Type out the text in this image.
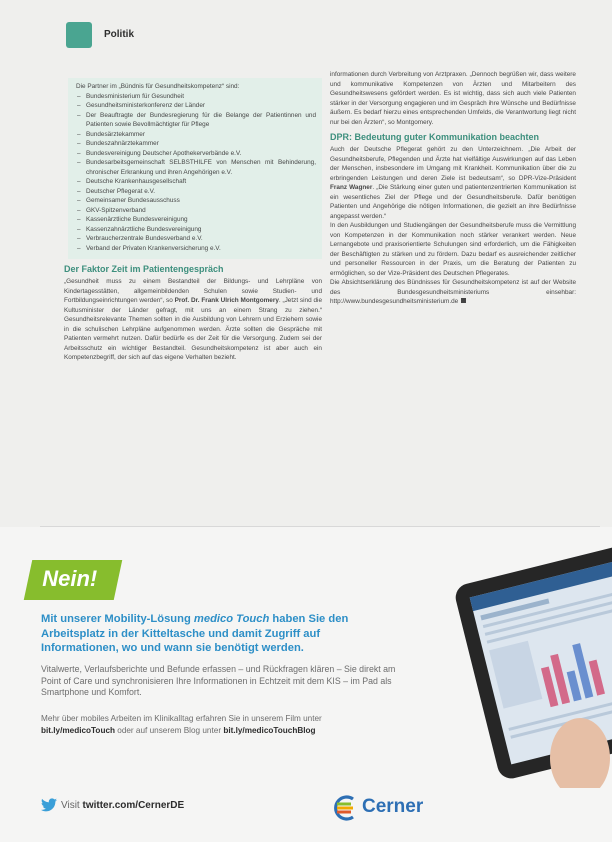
Politik

Die Partner im „Bündnis für Gesundheitskompetenz“ sind:

– Bundesministerium für Gesundheit
– Gesundheitsministerkonferenz der Länder
– Der Beauftragte der Bundesregierung für die Belange der Patientinnen und Patienten sowie Bevollmächtigter für Pflege
– Bundesärztekammer
– Bundeszahnärztekammer
– Bundesvereinigung Deutscher Apothekerverbände e.V.
– Bundesarbeitsgemeinschaft SELBSTHILFE von Menschen mit Behinderung, chronischer Erkrankung und ihren Angehörigen e.V.
– Deutsche Krankenhausgesellschaft
– Deutscher Pflegerat e.V.
– Gemeinsamer Bundesausschuss
– GKV-Spitzenverband
– Kassenärztliche Bundesvereinigung
– Kassenzahnärztliche Bundesvereinigung
– Verbraucherzentrale Bundesverband e.V.
– Verband der Privaten Krankenversicherung e.V.
Der Faktor Zeit im Patientengespräch

„Gesundheit muss zu einem Bestandteil der Bildungs- und Lehrpläne von Kindertagesstätten, allgemeinbildenden Schulen sowie Studien- und Fortbildungseinrichtungen werden“, so Prof. Dr. Frank Ulrich Montgomery. „Jetzt sind die Kultusminister der Länder gefragt, mit uns an einem Strang zu ziehen.“ Gesundheitsrelevante Themen sollten in die Ausbildung von Lehrern und Erziehern sowie in die schulischen Lehrpläne aufgenommen werden. Ärzte sollten die Gespräche mit Patienten vermehrt nutzen. Dafür bedürfe es der Zeit für die Versorgung. Zudem sei der Arbeitsschutz ein wichtiger Bestandteil. Gesundheitskompetenz ist aber auch ein Kompetenzbegriff, der sich auf das eigene Verhalten bezieht.

informationen durch Verbreitung von Arztpraxen. „Dennoch begrüßen wir, dass weitere und kommunikative Kompetenzen von Ärzten und Mitarbeitern des Gesundheitswesens gefördert werden. Es ist wichtig, dass sich auch viele Patienten stärker in der Versorgung engagieren und im Gespräch ihre Wünsche und Bedürfnisse äußern. Es bedarf hierzu eines entsprechenden Umfelds, die Verantwortung liegt nicht nur bei den Ärzten“, so Montgomery.

DPR: Bedeutung guter Kommunikation beachten

Auch der Deutsche Pflegerat gehört zu den Unterzeichnern. „Die Arbeit der Gesundheitsberufe, Pflegenden und Ärzte hat vielfältige Auswirkungen auf das Leben der Menschen, insbesondere im Umgang mit Krankheit. Kommunikation über die zu erbringenden Leistungen und deren Ziele ist bedeutsam“, so DPR-Vize-Präsident Franz Wagner. „Die Stärkung einer guten und patientenzentrierten Kommunikation ist ein wesentliches Ziel der Pflege und der Gesundheitsberufe. Dafür benötigen Patienten und Angehörige die nötigen Informationen, die gezielt an ihre Bedürfnisse angepasst werden.“

In den Ausbildungen und Studiengängen der Gesundheitsberufe muss die Vermittlung von Kompetenzen in der Kommunikation noch stärker verankert werden. Neue Lernangebote und praxisorientierte Schulungen sind erforderlich, um die Fähigkeiten der Beschäftigten zu stärken und zu fördern. Dazu bedarf es ausreichender zeitlicher und personeller Ressourcen in der Praxis, um die Beratung der Patienten zu ermöglichen, so der Vize-Präsident des Deutschen Pflegerates.

Die Absichtserklärung des Bündnisses für Gesundheitskompetenz ist auf der Website des Bundesgesundheitsministeriums einsehbar: http://www.bundesgesundheitsministerium.de

Nein!
Mit unserer Mobility-Lösung medico Touch haben Sie den Arbeitsplatz in der Kitteltasche und damit Zugriff auf Informationen, wo und wann sie benötigt werden.
Vitalwerte, Verlaufsberichte und Befunde erfassen – und Rückfragen klären – Sie direkt am Point of Care und synchronisieren Ihre Informationen in Echtzeit mit dem KIS – im Pad als Smartphone und Komfort.
Mehr über mobiles Arbeiten im Klinikalltag erfahren Sie in unserem Film unter
bit.ly/medicoTouch oder auf unserem Blog unter bit.ly/medicoTouchBlog
Visit twitter.com/CernerDE	Cerner
